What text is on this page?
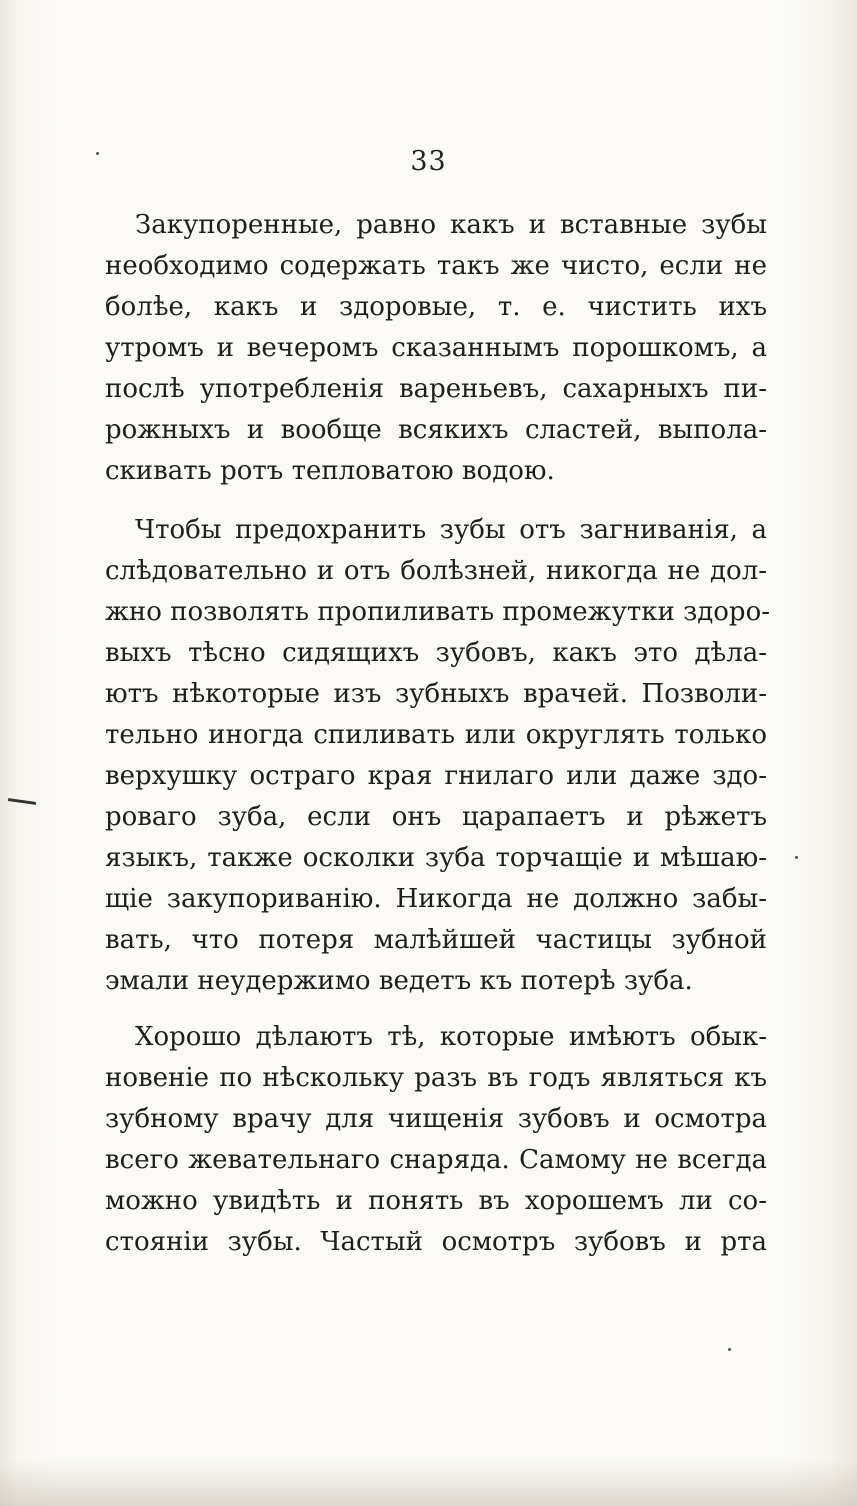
33
Закупоренные, равно какъ и вставные зубы
необходимо содержать такъ же чисто, если не
болѣе, какъ и здоровые, т. е. чистить ихъ
утромъ и вечеромъ сказаннымъ порошкомъ, а
послѣ употребленія вареньевъ, сахарныхъ пи-
рожныхъ и вообще всякихъ сластей, выпола-
скивать ротъ тепловатою водою.
Чтобы предохранить зубы отъ загниванія, а
слѣдовательно и отъ болѣзней, никогда не дол-
жно позволять пропиливать промежутки здоро-
выхъ тѣсно сидящихъ зубовъ, какъ это дѣла-
ютъ нѣкоторые изъ зубныхъ врачей. Позволи-
тельно иногда спиливать или округлять только
верхушку остраго края гнилаго или даже здо-
роваго зуба, если онъ царапаетъ и рѣжетъ
языкъ, также осколки зуба торчащіе и мѣшаю-
щіе закупориванію. Никогда не должно забы-
вать, что потеря малѣйшей частицы зубной
эмали неудержимо ведетъ къ потерѣ зуба.
Хорошо дѣлаютъ тѣ, которые имѣютъ обык-
новеніе по нѣскольку разъ въ годъ являться къ
зубному врачу для чищенія зубовъ и осмотра
всего жевательнаго снаряда. Самому не всегда
можно увидѣть и понять въ хорошемъ ли со-
стояніи зубы. Частый осмотръ зубовъ и рта
